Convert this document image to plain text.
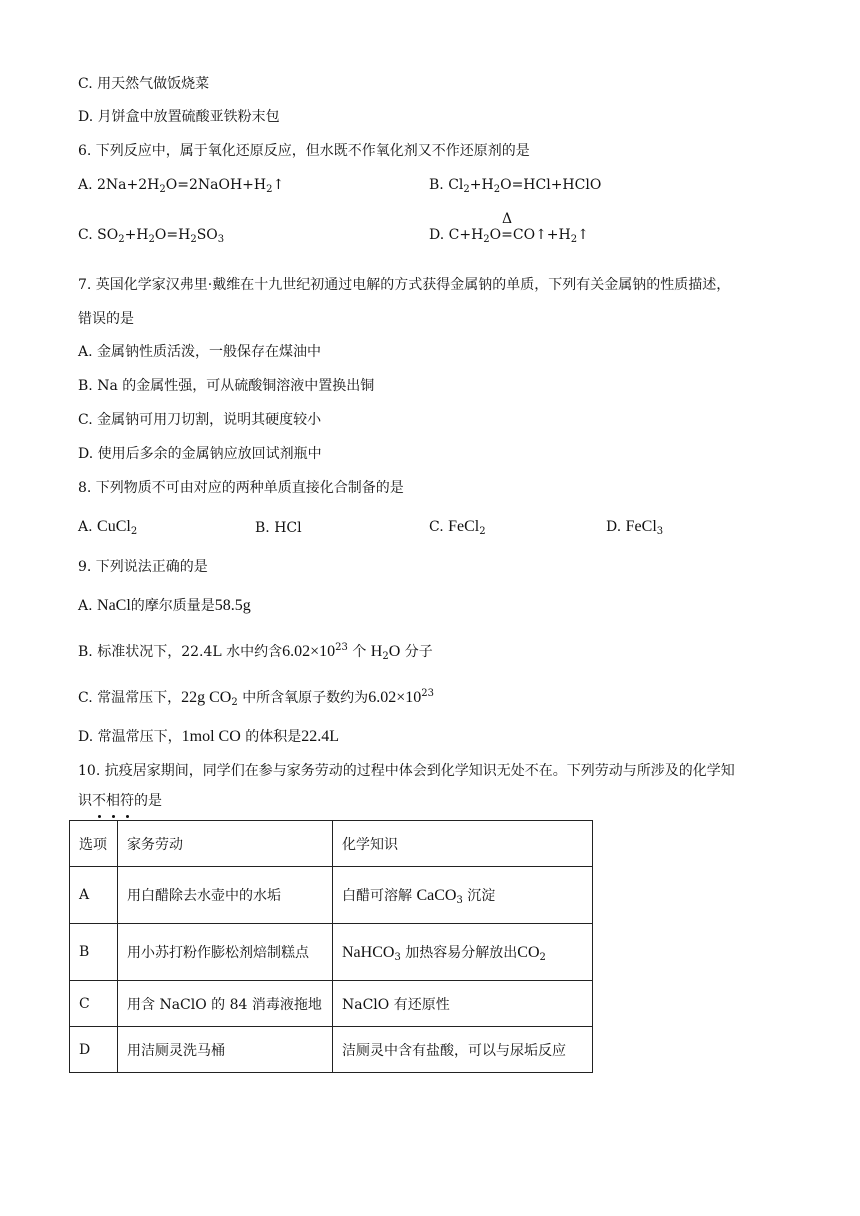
C. 用天然气做饭烧菜
D. 月饼盒中放置硫酸亚铁粉末包
6. 下列反应中，属于氧化还原反应，但水既不作氧化剂又不作还原剂的是
A. $2Na+2H_2O=2NaOH+H_2↑$	B. $Cl_2+H_2O=HCl+HClO$
C. $SO_2+H_2O=H_2SO_3$	D. $C+H_2O$
Δ
$=CO↑+H_2↑$
7. 英国化学家汉弗里·戴维在十九世纪初通过电解的方式获得金属钠的单质，下列有关金属钠的性质描述，
错误的是
A. 金属钠性质活泼，一般保存在煤油中
B. Na 的金属性强，可从硫酸铜溶液中置换出铜
C. 金属钠可用刀切割，说明其硬度较小
D. 使用后多余的金属钠应放回试剂瓶中
8. 下列物质不可由对应的两种单质直接化合制备的是
A. CuCl$_2$	B. HCl	C. FeCl$_2$	D. FeCl$_3$
9. 下列说法正确的是
A. NaCl的摩尔质量是58.5g
B. 标准状况下，22.4L 水中约含$6.02\times 10^{23}$ 个 $H_2O$ 分子
C. 常温常压下，22g $CO_2$ 中所含氧原子数约为$6.02\times 10^{23}$
D. 常温常压下，1mol CO 的体积是22.4L
10. 抗疫居家期间，同学们在参与家务劳动的过程中体会到化学知识无处不在。下列劳动与所涉及的化学知
识不
相
符
的是
选项	家务劳动	化学知识
A	用白醋除去水壶中的水垢	白醋可溶解 CaCO$_3$ 沉淀
B	用小苏打粉作膨松剂焙制糕点	NaHCO$_3$ 加热容易分解放出$CO_2$
C	用含 NaClO 的 84 消毒液拖地	NaClO 有还原性
D	用洁厕灵洗马桶	洁厕灵中含有盐酸，可以与尿垢反应
